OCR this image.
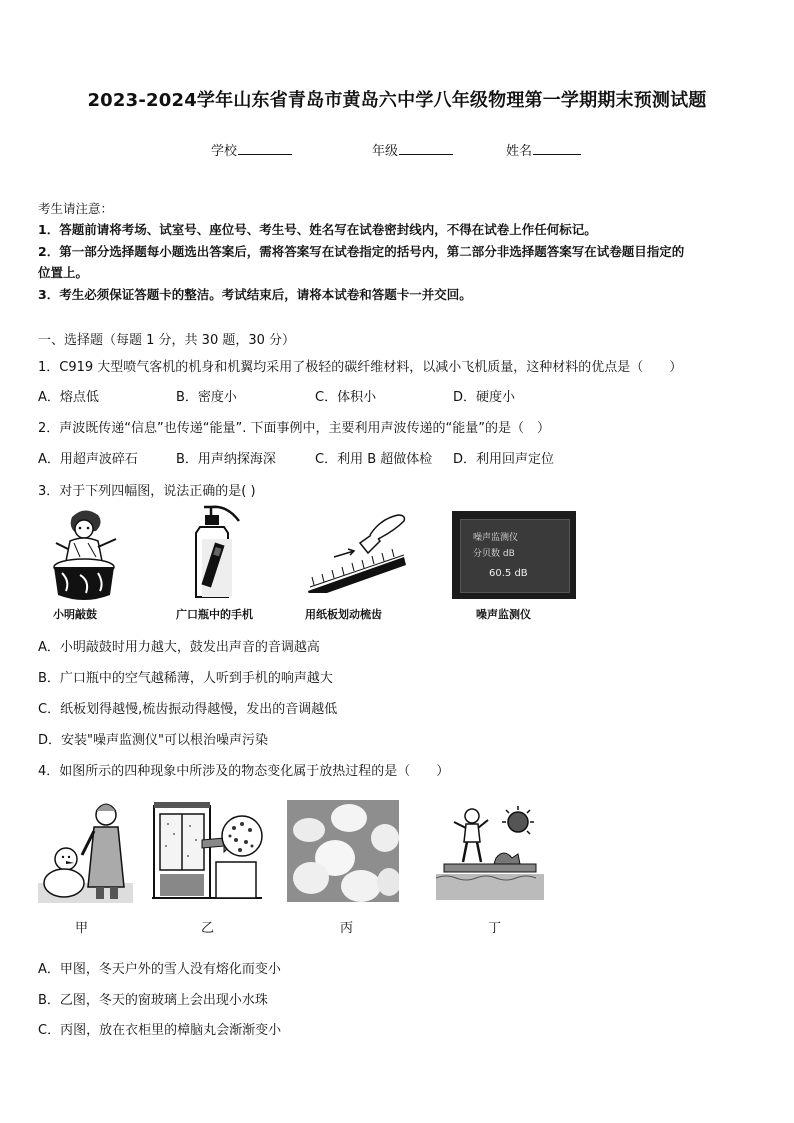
2023-2024学年山东省青岛市黄岛六中学八年级物理第一学期期末预测试题
学校	年级	姓名
考生请注意：
1．答题前请将考场、试室号、座位号、考生号、姓名写在试卷密封线内，不得在试卷上作任何标记。
2．第一部分选择题每小题选出答案后，需将答案写在试卷指定的括号内，第二部分非选择题答案写在试卷题目指定的
位置上。
3．考生必须保证答题卡的整洁。考试结束后，请将本试卷和答题卡一并交回。
一、选择题（每题 1 分，共 30 题，30 分）
1．C919 大型喷气客机的机身和机翼均采用了极轻的碳纤维材料，以减小飞机质量，这种材料的优点是（　　）
A．熔点低	B．密度小	C．体积小	D．硬度小
2．声波既传递“信息”也传递“能量”. 下面事例中，主要利用声波传递的“能量”的是（　）
A．用超声波碎石	B．用声纳探海深	C．利用 B 超做体检 D．利用回声定位
3．对于下列四幅图，说法正确的是( )
小明敲鼓	广口瓶中的手机	用纸板划动梳齿
噪声监测仪
分贝数 dB
60.5 dB
噪声监测仪
A．小明敲鼓时用力越大，鼓发出声音的音调越高
B．广口瓶中的空气越稀薄，人听到手机的响声越大
C．纸板划得越慢,梳齿振动得越慢，发出的音调越低
D．安装"噪声监测仪"可以根治噪声污染
4．如图所示的四种现象中所涉及的物态变化属于放热过程的是（　　）
甲	乙	丙	丁
A．甲图，冬天户外的雪人没有熔化而变小
B．乙图，冬天的窗玻璃上会出现小水珠
C．丙图，放在衣柜里的樟脑丸会渐渐变小
